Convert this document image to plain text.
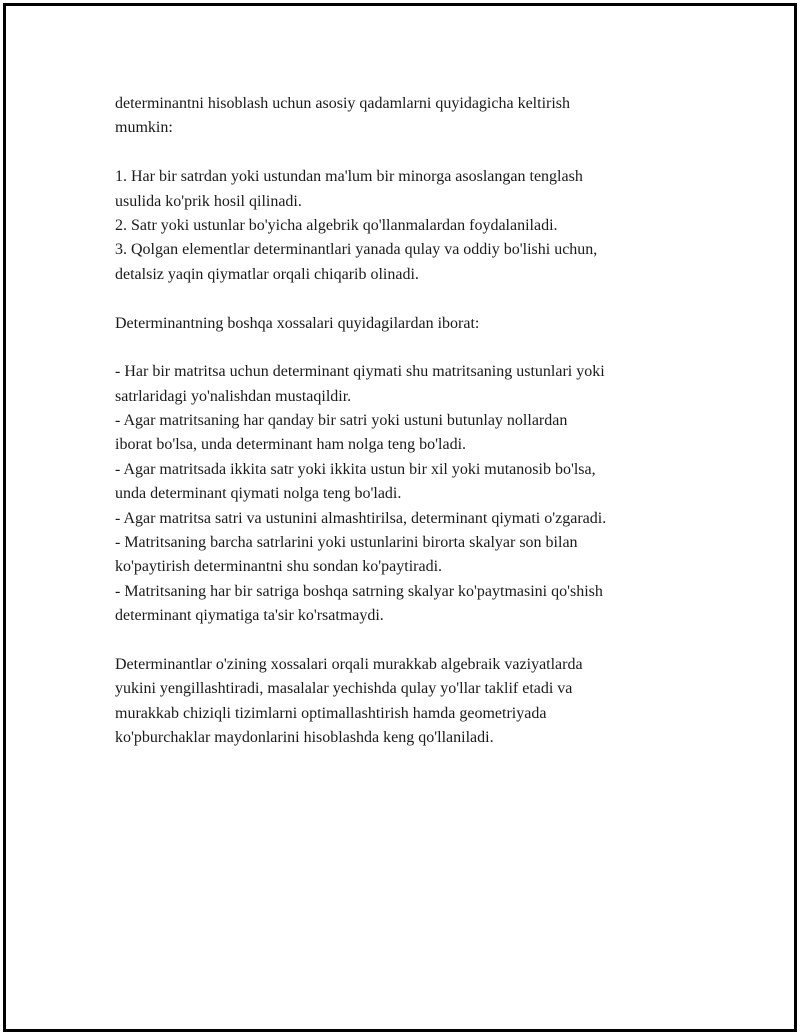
determinantni hisoblash uchun asosiy qadamlarni quyidagicha keltirish
mumkin:
1. Har bir satrdan yoki ustundan ma'lum bir minorga asoslangan tenglash
usulida ko'prik hosil qilinadi.
2. Satr yoki ustunlar bo'yicha algebrik qo'llanmalardan foydalaniladi.
3. Qolgan elementlar determinantlari yanada qulay va oddiy bo'lishi uchun,
detalsiz yaqin qiymatlar orqali chiqarib olinadi.
Determinantning boshqa xossalari quyidagilardan iborat:
- Har bir matritsa uchun determinant qiymati shu matritsaning ustunlari yoki
satrlaridagi yo'nalishdan mustaqildir.
- Agar matritsaning har qanday bir satri yoki ustuni butunlay nollardan
iborat bo'lsa, unda determinant ham nolga teng bo'ladi.
- Agar matritsada ikkita satr yoki ikkita ustun bir xil yoki mutanosib bo'lsa,
unda determinant qiymati nolga teng bo'ladi.
- Agar matritsa satri va ustunini almashtirilsa, determinant qiymati o'zgaradi.
- Matritsaning barcha satrlarini yoki ustunlarini birorta skalyar son bilan
ko'paytirish determinantni shu sondan ko'paytiradi.
- Matritsaning har bir satriga boshqa satrning skalyar ko'paytmasini qo'shish
determinant qiymatiga ta'sir ko'rsatmaydi.
Determinantlar o'zining xossalari orqali murakkab algebraik vaziyatlarda
yukini yengillashtiradi, masalalar yechishda qulay yo'llar taklif etadi va
murakkab chiziqli tizimlarni optimallashtirish hamda geometriyada
ko'pburchaklar maydonlarini hisoblashda keng qo'llaniladi.
